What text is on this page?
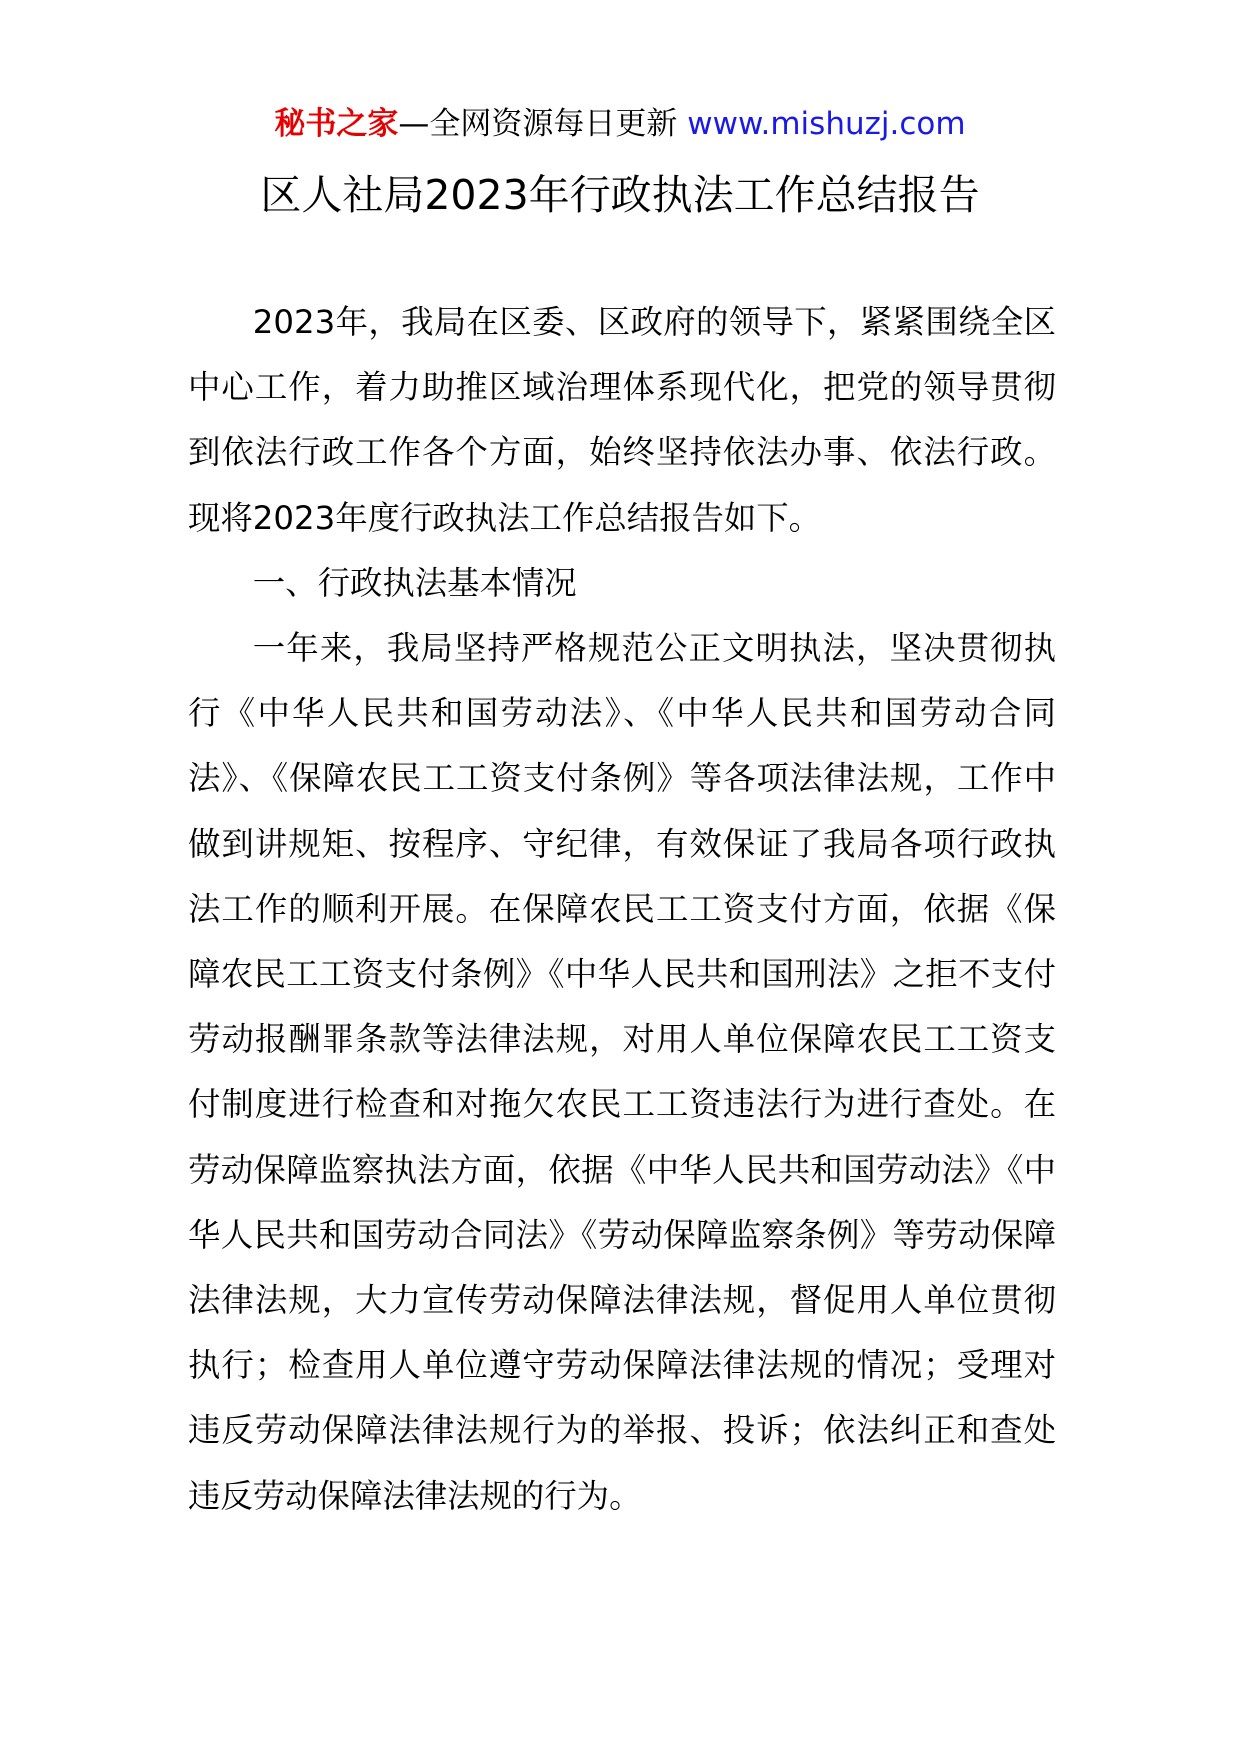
秘书之家—全网资源每日更新 www.mishuzj.com
区人社局2023年行政执法工作总结报告

2023年，我局在区委、区政府的领导下，紧紧围绕全区中心工作，着力助推区域治理体系现代化，把党的领导贯彻到依法行政工作各个方面，始终坚持依法办事、依法行政。现将2023年度行政执法工作总结报告如下。

一、行政执法基本情况

一年来，我局坚持严格规范公正文明执法，坚决贯彻执行《中华人民共和国劳动法》、《中华人民共和国劳动合同法》、《保障农民工工资支付条例》等各项法律法规，工作中做到讲规矩、按程序、守纪律，有效保证了我局各项行政执法工作的顺利开展。在保障农民工工资支付方面，依据《保障农民工工资支付条例》《中华人民共和国刑法》之拒不支付劳动报酬罪条款等法律法规，对用人单位保障农民工工资支付制度进行检查和对拖欠农民工工资违法行为进行查处。在劳动保障监察执法方面，依据《中华人民共和国劳动法》《中华人民共和国劳动合同法》《劳动保障监察条例》等劳动保障法律法规，大力宣传劳动保障法律法规，督促用人单位贯彻执行；检查用人单位遵守劳动保障法律法规的情况；受理对违反劳动保障法律法规行为的举报、投诉；依法纠正和查处违反劳动保障法律法规的行为。
